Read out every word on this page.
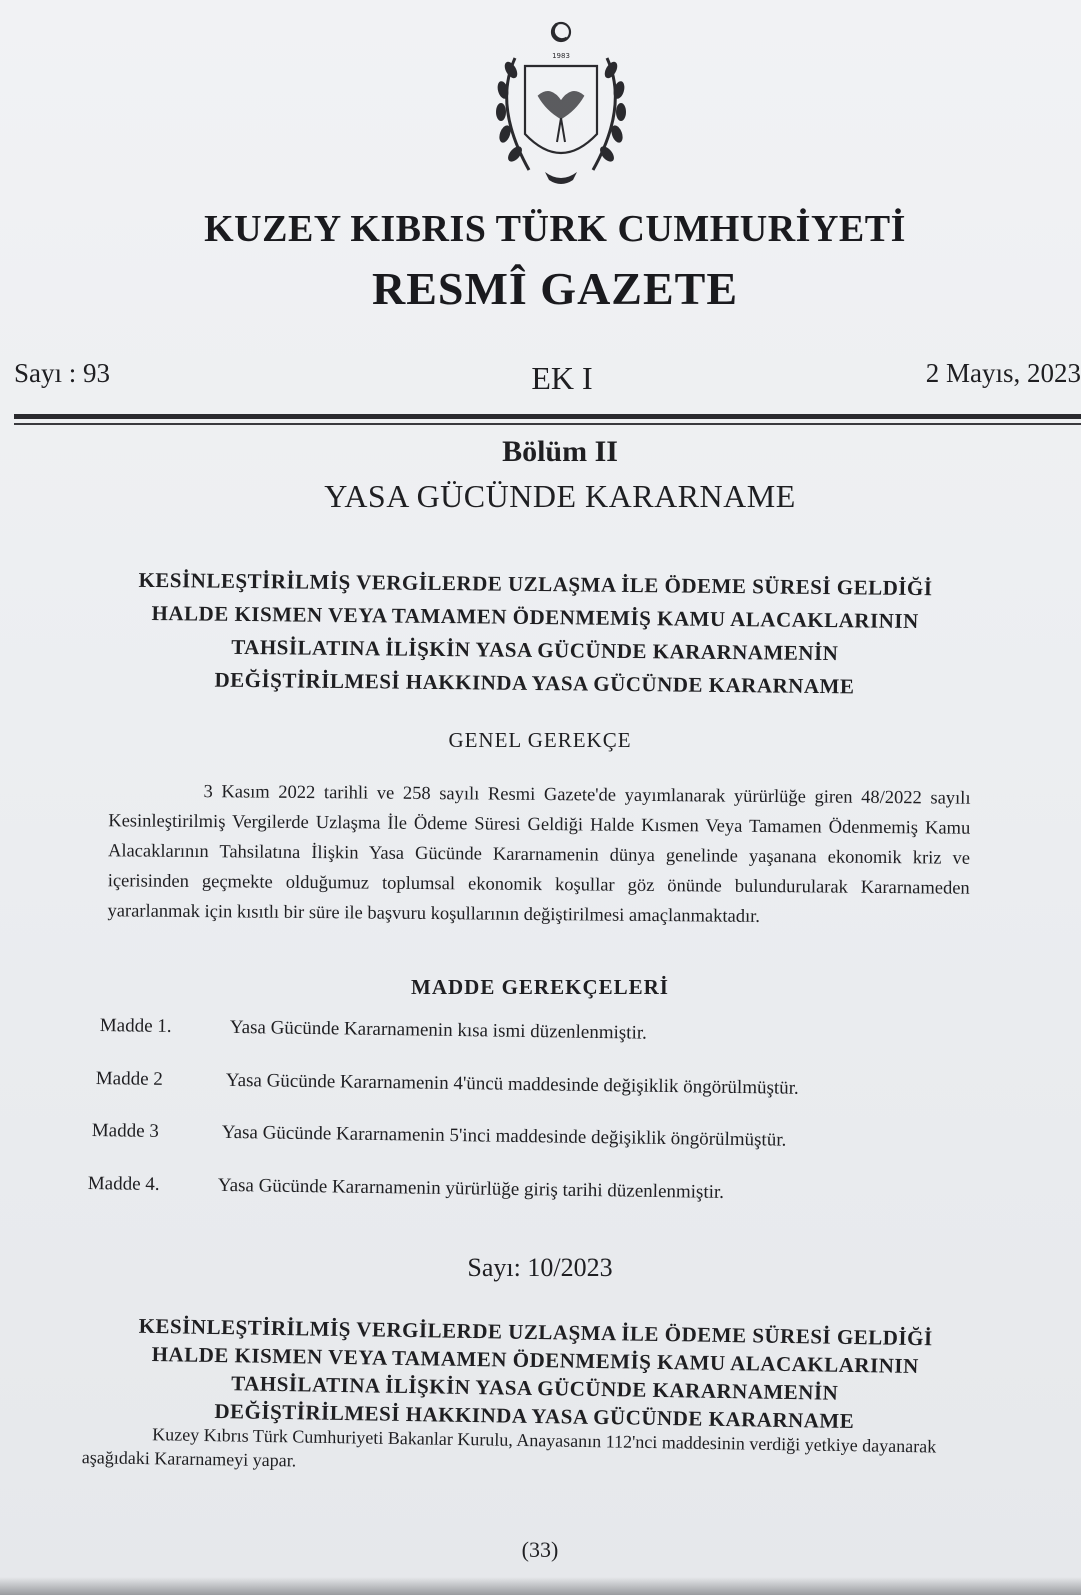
1983
KUZEY KIBRIS TÜRK CUMHURİYETİ
RESMÎ GAZETE
Sayı : 93	EK I	2 Mayıs, 2023
Bölüm II
YASA GÜCÜNDE KARARNAME
KESİNLEŞTİRİLMİŞ VERGİLERDE UZLAŞMA İLE ÖDEME SÜRESİ GELDİĞİ
HALDE KISMEN VEYA TAMAMEN ÖDENMEMİŞ KAMU ALACAKLARININ
TAHSİLATINA İLİŞKİN YASA GÜCÜNDE KARARNAMENİN
DEĞİŞTİRİLMESİ HAKKINDA YASA GÜCÜNDE KARARNAME
GENEL GEREKÇE
3 Kasım 2022 tarihli ve 258 sayılı Resmi Gazete'de yayımlanarak yürürlüğe giren 48/2022 sayılı Kesinleştirilmiş Vergilerde Uzlaşma İle Ödeme Süresi Geldiği Halde Kısmen Veya Tamamen Ödenmemiş Kamu Alacaklarının Tahsilatına İlişkin Yasa Gücünde Kararnamenin dünya genelinde yaşanana ekonomik kriz ve içerisinden geçmekte olduğumuz toplumsal ekonomik koşullar göz önünde bulundurularak Kararnameden yararlanmak için kısıtlı bir süre ile başvuru koşullarının değiştirilmesi amaçlanmaktadır.
MADDE GEREKÇELERİ
Madde 1.	Yasa Gücünde Kararnamenin kısa ismi düzenlenmiştir.
Madde 2	Yasa Gücünde Kararnamenin 4'üncü maddesinde değişiklik öngörülmüştür.
Madde 3	Yasa Gücünde Kararnamenin 5'inci maddesinde değişiklik öngörülmüştür.
Madde 4.	Yasa Gücünde Kararnamenin yürürlüğe giriş tarihi düzenlenmiştir.
Sayı: 10/2023
KESİNLEŞTİRİLMİŞ VERGİLERDE UZLAŞMA İLE ÖDEME SÜRESİ GELDİĞİ
HALDE KISMEN VEYA TAMAMEN ÖDENMEMİŞ KAMU ALACAKLARININ
TAHSİLATINA İLİŞKİN YASA GÜCÜNDE KARARNAMENİN
DEĞİŞTİRİLMESİ HAKKINDA YASA GÜCÜNDE KARARNAME
Kuzey Kıbrıs Türk Cumhuriyeti Bakanlar Kurulu, Anayasanın 112'nci maddesinin verdiği yetkiye dayanarak aşağıdaki Kararnameyi yapar.
(33)
